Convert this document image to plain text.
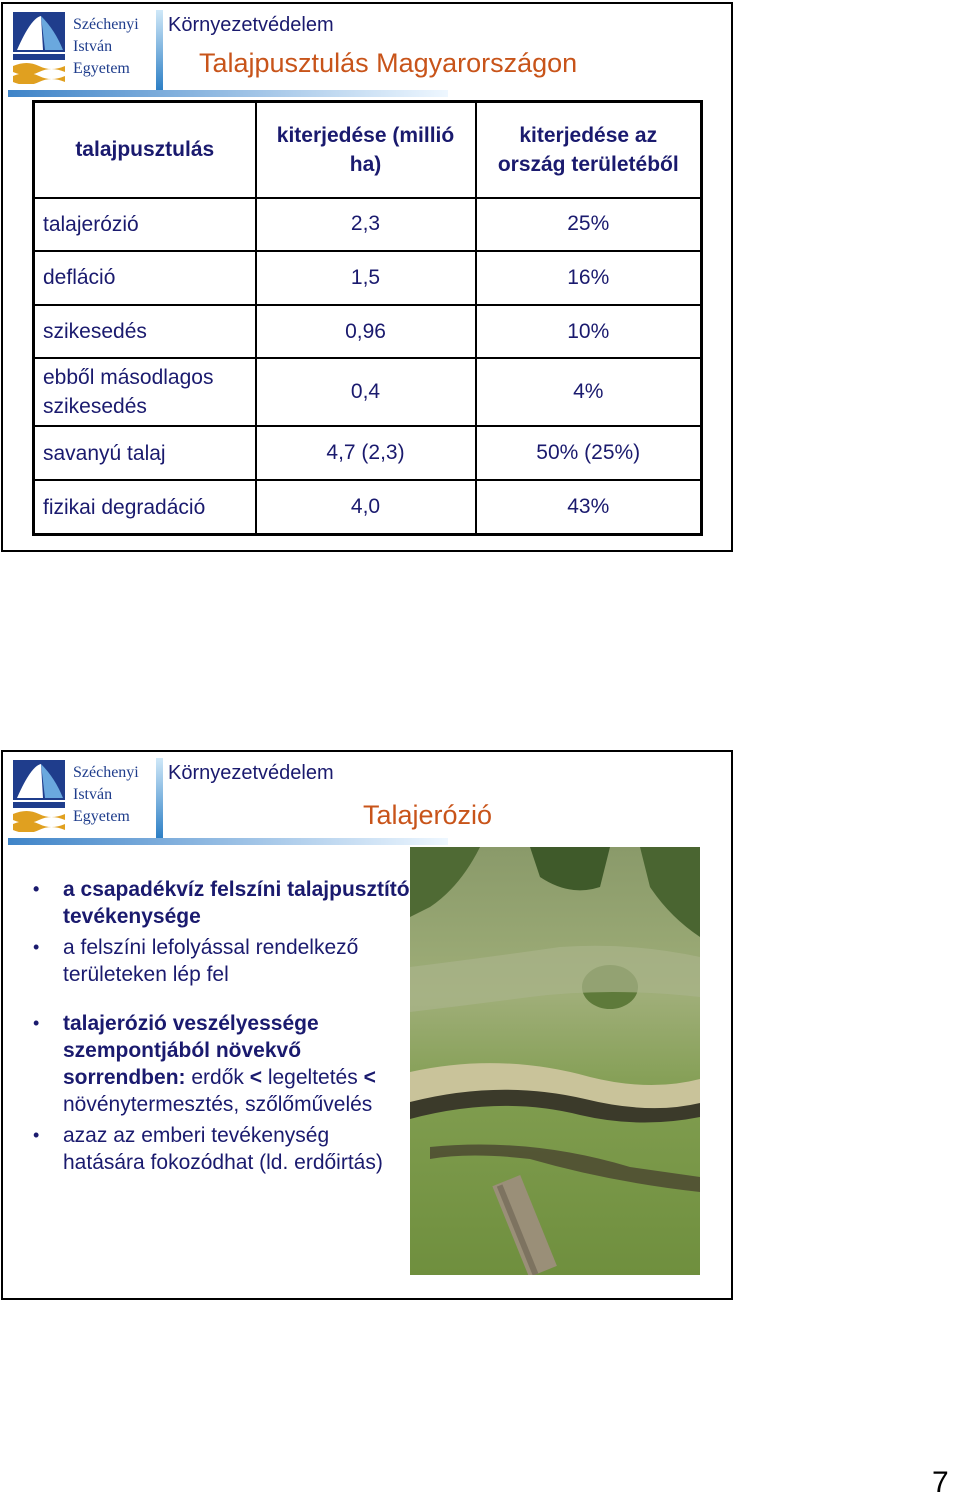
Széchenyi
István
Egyetem
Környezetvédelem
Talajpusztulás Magyarországon
talajpusztulás	kiterjedése (millió ha)	kiterjedése az ország területéből
talajerózió	2,3	25%
defláció	1,5	16%
szikesedés	0,96	10%
ebből másodlagos szikesedés	0,4	4%
savanyú talaj	4,7 (2,3)	50% (25%)
fizikai degradáció	4,0	43%
Széchenyi
István
Egyetem
Környezetvédelem
Talajerózió
• a csapadékvíz felszíni talajpusztító tevékenysége
• a felszíni lefolyással rendelkező területeken lép fel
• talajerózió veszélyessége szempontjából növekvő sorrendben: erdők < legeltetés < növénytermesztés, szőlőművelés
• azaz az emberi tevékenység hatására fokozódhat (ld. erdőirtás)
7
